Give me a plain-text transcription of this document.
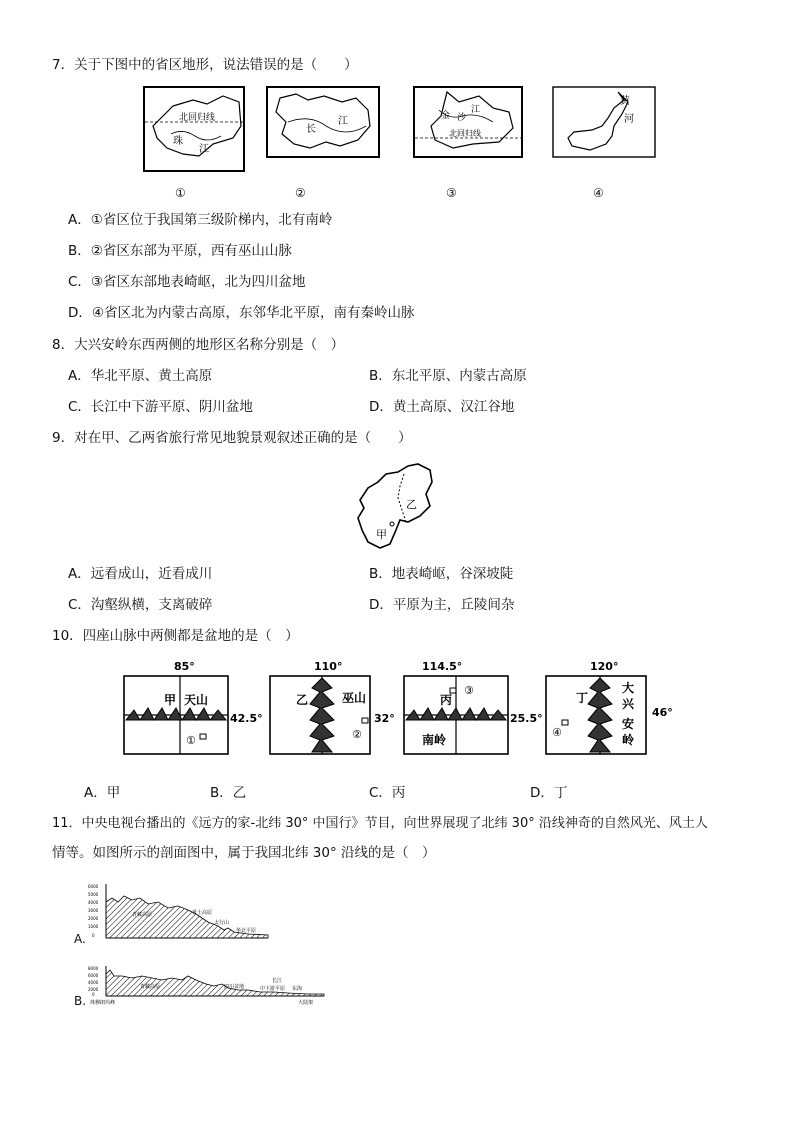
7．关于下图中的省区地形，说法错误的是（　　）
北回归线
珠
江
①
长
江
②
金 沙
江
北回归线
③
黄
河
④
A．①省区位于我国第三级阶梯内，北有南岭
B．②省区东部为平原，西有巫山山脉
C．③省区东部地表崎岖，北为四川盆地
D．④省区北为内蒙古高原，东邻华北平原，南有秦岭山脉
8．大兴安岭东西两侧的地形区名称分别是（　）
A．华北平原、黄土高原	B．东北平原、内蒙古高原
C．长江中下游平原、阴川盆地	D．黄土高原、汉江谷地
9．对在甲、乙两省旅行常见地貌景观叙述正确的是（　　）
乙
甲
A．远看成山，近看成川	B．地表崎岖，谷深坡陡
C．沟壑纵横，支离破碎	D．平原为主，丘陵间杂
10．四座山脉中两侧都是盆地的是（　）
85°
甲 天山
①
42.5°
110°
乙	巫山
②
32°
114.5°
丙
③
南岭
25.5°
120°
丁
大
兴
安
岭
④
46°
A．甲	B．乙	C．丙	D．丁
11．中央电视台播出的《远方的家-北纬 30° 中国行》节目，向世界展现了北纬 30° 沿线神奇的自然风光、风土人
情等。如图所示的剖面图中，属于我国北纬 30° 沿线的是（　）
A.
6000
5000
4000
3000
2000
1000
0
青藏高原	黄土高原
太行山
华北平原
B.
8000
6000
4000
2000
0
青藏高原	四川盆地
长江
中下游平原 东海
珠穆朗玛峰	大陆架
